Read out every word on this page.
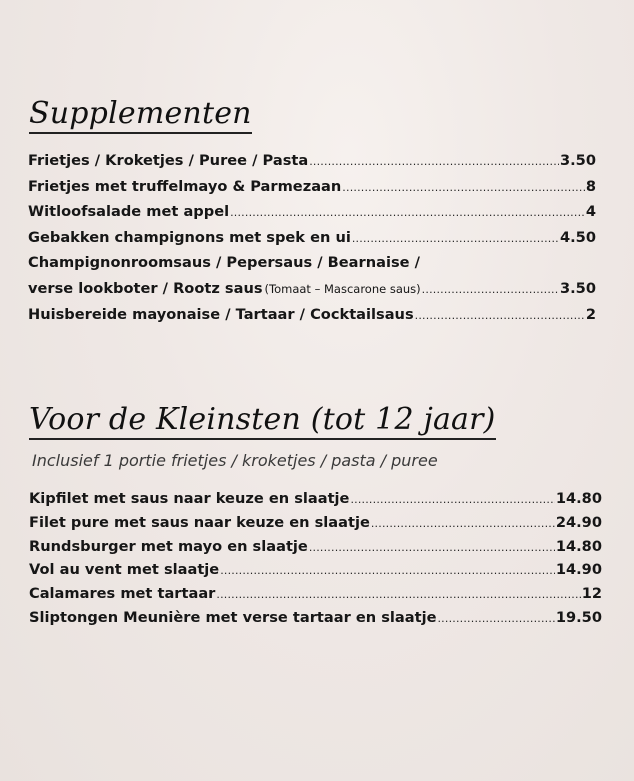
Supplementen
Frietjes / Kroketjes / Puree / Pasta .....	3.50
Frietjes met truffelmayo & Parmezaan .....	8
Witloofsalade met appel .....	4
Gebakken champignons met spek en ui .....	4.50
Champignonroomsaus / Pepersaus / Bearnaise /
verse lookboter / Rootz saus (Tomaat – Mascarone saus) .....	3.50
Huisbereide mayonaise / Tartaar / Cocktailsaus .....	2
Voor de Kleinsten (tot 12 jaar)
Inclusief 1 portie frietjes / kroketjes / pasta / puree
Kipfilet met saus naar keuze en slaatje .....	14.80
Filet pure met saus naar keuze en slaatje .....	24.90
Rundsburger met mayo en slaatje .....	14.80
Vol au vent met slaatje .....	14.90
Calamares met tartaar .....	12
Sliptongen Meunière met verse tartaar en slaatje .....	19.50
